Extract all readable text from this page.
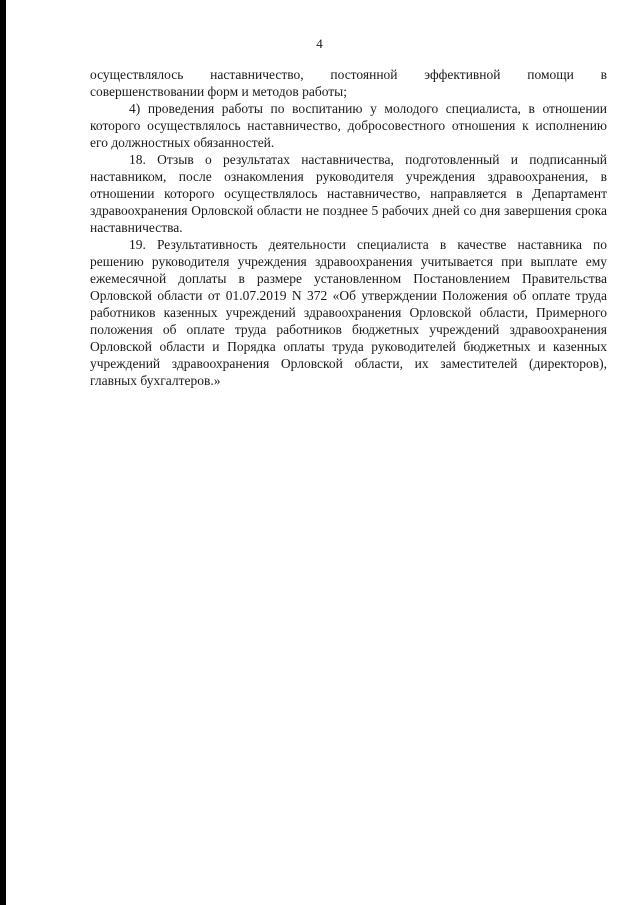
4

осуществлялось наставничество, постоянной эффективной помощи в совершенствовании форм и методов работы;

4) проведения работы по воспитанию у молодого специалиста, в отношении которого осуществлялось наставничество, добросовестного отношения к исполнению его должностных обязанностей.

18. Отзыв о результатах наставничества, подготовленный и подписанный наставником, после ознакомления руководителя учреждения здравоохранения, в отношении которого осуществлялось наставничество, направляется в Департамент здравоохранения Орловской области не позднее 5 рабочих дней со дня завершения срока наставничества.

19. Результативность деятельности специалиста в качестве наставника по решению руководителя учреждения здравоохранения учитывается при выплате ему ежемесячной доплаты в размере установленном Постановлением Правительства Орловской области от 01.07.2019 N 372 «Об утверждении Положения об оплате труда работников казенных учреждений здравоохранения Орловской области, Примерного положения об оплате труда работников бюджетных учреждений здравоохранения Орловской области и Порядка оплаты труда руководителей бюджетных и казенных учреждений здравоохранения Орловской области, их заместителей (директоров), главных бухгалтеров.»
